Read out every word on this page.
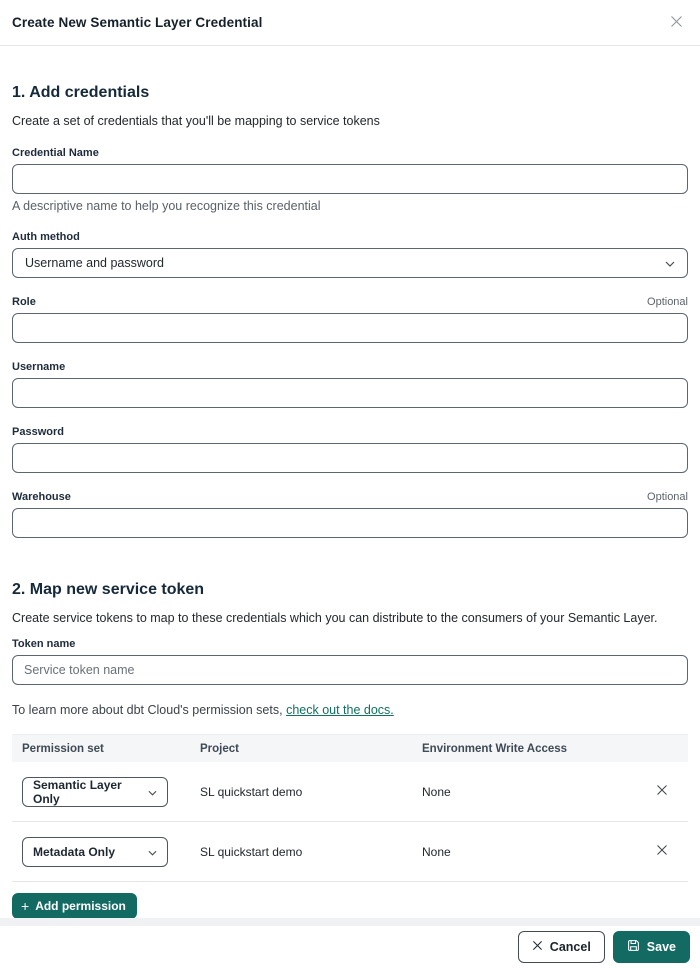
Create New Semantic Layer Credential
1. Add credentials
Create a set of credentials that you'll be mapping to service tokens
Credential Name
A descriptive name to help you recognize this credential
Auth method
Username and password
Role	Optional
Username
Password
Warehouse	Optional
2. Map new service token
Create service tokens to map to these credentials which you can distribute to the consumers of your Semantic Layer.
Token name
Service token name
To learn more about dbt Cloud's permission sets, check out the docs.
Permission set	Project	Environment Write Access
Semantic Layer Only	SL quickstart demo	None
Metadata Only	SL quickstart demo	None
+ Add permission
Cancel	Save
